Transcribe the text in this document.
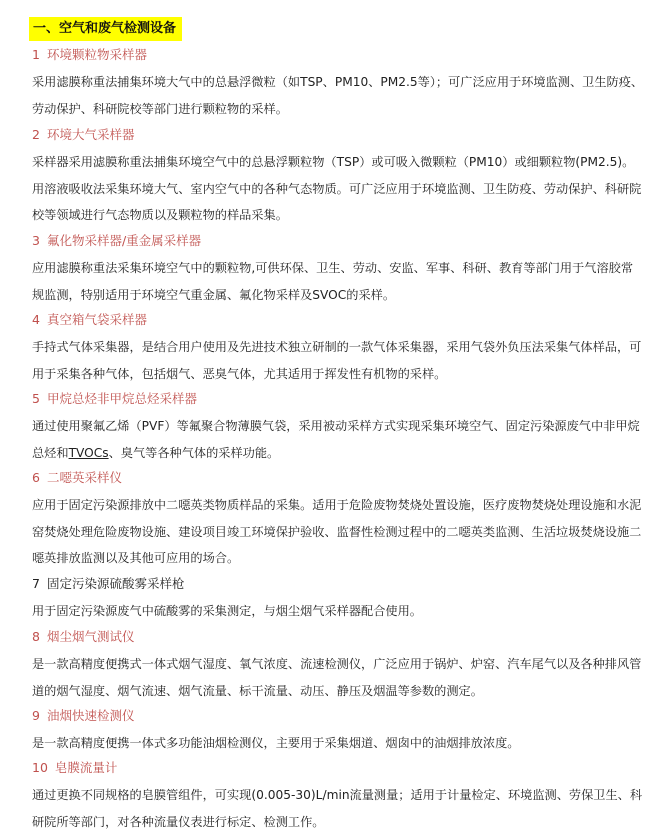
一、空气和废气检测设备

1 环境颗粒物采样器

采用滤膜称重法捕集环境大气中的总悬浮微粒（如TSP、PM10、PM2.5等）；可广泛应用于环境监测、卫生防疫、劳动保护、科研院校等部门进行颗粒物的采样。

2 环境大气采样器

采样器采用滤膜称重法捕集环境空气中的总悬浮颗粒物（TSP）或可吸入微颗粒（PM10）或细颗粒物(PM2.5)。用溶液吸收法采集环境大气、室内空气中的各种气态物质。可广泛应用于环境监测、卫生防疫、劳动保护、科研院校等领域进行气态物质以及颗粒物的样品采集。

3 氟化物采样器/重金属采样器

应用滤膜称重法采集环境空气中的颗粒物,可供环保、卫生、劳动、安监、军事、科研、教育等部门用于气溶胶常规监测，特别适用于环境空气重金属、氟化物采样及SVOC的采样。

4 真空箱气袋采样器

手持式气体采集器，是结合用户使用及先进技术独立研制的一款气体采集器，采用气袋外负压法采集气体样品，可用于采集各种气体，包括烟气、恶臭气体，尤其适用于挥发性有机物的采样。

5 甲烷总烃非甲烷总烃采样器

通过使用聚氟乙烯（PVF）等氟聚合物薄膜气袋，采用被动采样方式实现采集环境空气、固定污染源废气中非甲烷总烃和TVOCs、臭气等各种气体的采样功能。

6 二噁英采样仪

应用于固定污染源排放中二噁英类物质样品的采集。适用于危险废物焚烧处置设施，医疗废物焚烧处理设施和水泥窑焚烧处理危险废物设施、建设项目竣工环境保护验收、监督性检测过程中的二噁英类监测、生活垃圾焚烧设施二噁英排放监测以及其他可应用的场合。

7 固定污染源硫酸雾采样枪

用于固定污染源废气中硫酸雾的采集测定，与烟尘烟气采样器配合使用。

8 烟尘烟气测试仪

是一款高精度便携式一体式烟气湿度、氧气浓度、流速检测仪，广泛应用于锅炉、炉窑、汽车尾气以及各种排风管道的烟气湿度、烟气流速、烟气流量、标干流量、动压、静压及烟温等参数的测定。

9 油烟快速检测仪

是一款高精度便携一体式多功能油烟检测仪，主要用于采集烟道、烟囱中的油烟排放浓度。

10 皂膜流量计

通过更换不同规格的皂膜管组件，可实现(0.005-30)L/min流量测量；适用于计量检定、环境监测、劳保卫生、科研院所等部门，对各种流量仪表进行标定、检测工作。
